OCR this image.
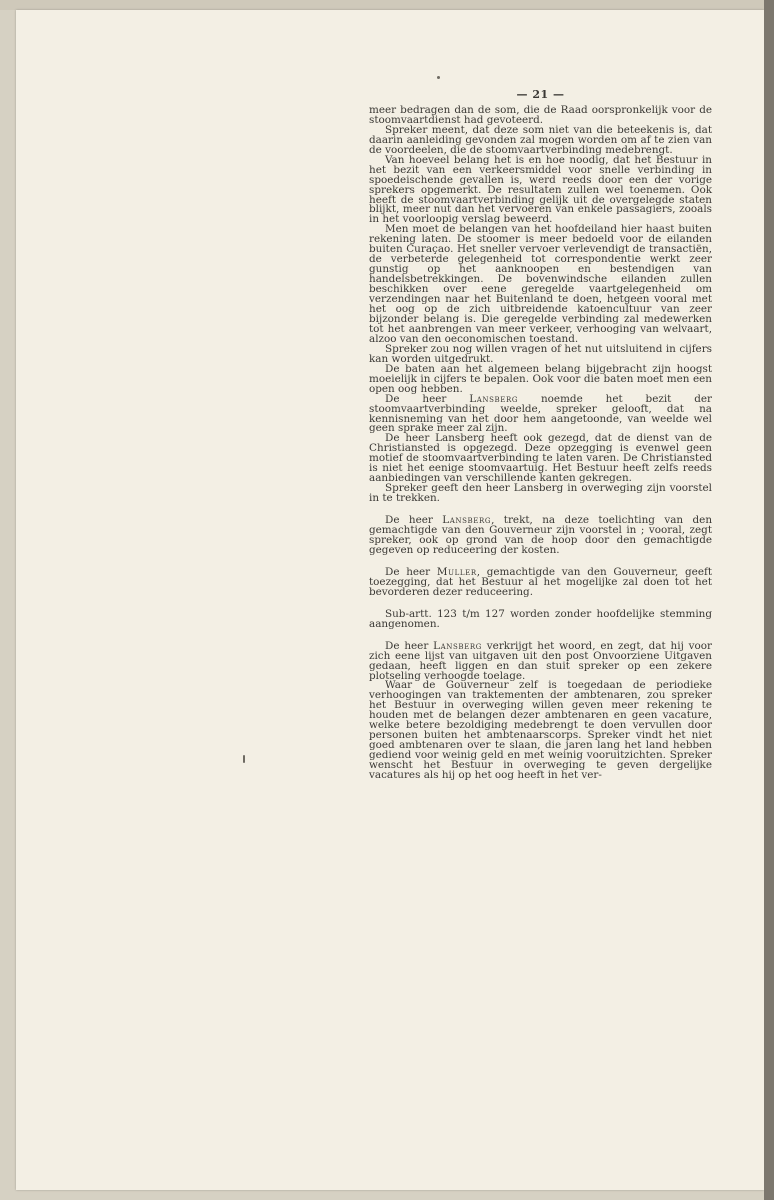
— 21 —

meer bedragen dan de som, die de Raad oorspronkelijk voor de stoomvaartdienst had gevoteerd.

Spreker meent, dat deze som niet van die beteekenis is, dat daarin aanleiding gevonden zal mogen worden om af te zien van de voordeelen, die de stoomvaartverbinding medebrengt.

Van hoeveel belang het is en hoe noodig, dat het Bestuur in het bezit van een verkeersmiddel voor snelle verbinding in spoedeischende gevallen is, werd reeds door een der vorige sprekers opgemerkt. De resultaten zullen wel toenemen. Ook heeft de stoomvaartverbinding gelijk uit de overgelegde staten blijkt, meer nut dan het vervoeren van enkele passagiers, zooals in het voorloopig verslag beweerd.

Men moet de belangen van het hoofdeiland hier haast buiten rekening laten. De stoomer is meer bedoeld voor de eilanden buiten Curaçao. Het sneller vervoer verlevendigt de transactiën, de verbeterde gelegenheid tot correspondentie werkt zeer gunstig op het aanknoopen en bestendigen van handelsbetrekkingen. De bovenwindsche eilanden zullen beschikken over eene geregelde vaartgelegenheid om verzendingen naar het Buitenland te doen, hetgeen vooral met het oog op de zich uitbreidende katoencultuur van zeer bijzonder belang is. Die geregelde verbinding zal medewerken tot het aanbrengen van meer verkeer, verhooging van welvaart, alzoo van den oeconomischen toestand.

Spreker zou nog willen vragen of het nut uitsluitend in cijfers kan worden uitgedrukt.

De baten aan het algemeen belang bijgebracht zijn hoogst moeielijk in cijfers te bepalen. Ook voor die baten moet men een open oog hebben.

De heer Lansberg noemde het bezit der stoomvaartverbinding weelde, spreker gelooft, dat na kennisneming van het door hem aangetoonde, van weelde wel geen sprake meer zal zijn.

De heer Lansberg heeft ook gezegd, dat de dienst van de Christiansted is opgezegd. Deze opzegging is evenwel geen motief de stoomvaartverbinding te laten varen. De Christiansted is niet het eenige stoomvaartuig. Het Bestuur heeft zelfs reeds aanbiedingen van verschillende kanten gekregen.

Spreker geeft den heer Lansberg in overweging zijn voorstel in te trekken.

De heer Lansberg, trekt, na deze toelichting van den gemachtigde van den Gouverneur zijn voorstel in ; vooral, zegt spreker, ook op grond van de hoop door den gemachtigde gegeven op reduceering der kosten.

De heer Muller, gemachtigde van den Gouverneur, geeft toezegging, dat het Bestuur al het mogelijke zal doen tot het bevorderen dezer reduceering.

Sub-artt. 123 t/m 127 worden zonder hoofdelijke stemming aangenomen.

De heer Lansberg verkrijgt het woord, en zegt, dat hij voor zich eene lijst van uitgaven uit den post Onvoorziene Uitgaven gedaan, heeft liggen en dan stuit spreker op een zekere plotseling verhoogde toelage.

Waar de Gouverneur zelf is toegedaan de periodieke verhoogingen van traktementen der ambtenaren, zou spreker het Bestuur in overweging willen geven meer rekening te houden met de belangen dezer ambtenaren en geen vacature, welke betere bezoldiging medebrengt te doen vervullen door personen buiten het ambtenaarscorps. Spreker vindt het niet goed ambtenaren over te slaan, die jaren lang het land hebben gediend voor weinig geld en met weinig vooruitzichten. Spreker wenscht het Bestuur in overweging te geven dergelijke vacatures als hij op het oog heeft in het ver-
